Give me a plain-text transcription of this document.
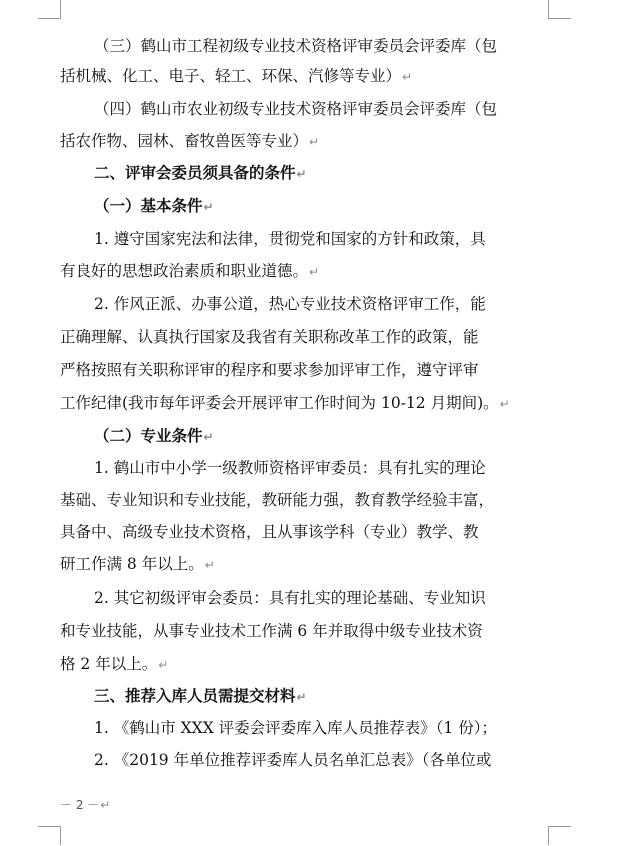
（三）鹤山市工程初级专业技术资格评审委员会评委库（包
括机械、化工、电子、轻工、环保、汽修等专业）↵
（四）鹤山市农业初级专业技术资格评审委员会评委库（包
括农作物、园林、畜牧兽医等专业）↵
二、评审会委员须具备的条件↵
（一）基本条件↵
1. 遵守国家宪法和法律，贯彻党和国家的方针和政策，具
有良好的思想政治素质和职业道德。↵
2. 作风正派、办事公道，热心专业技术资格评审工作，能
正确理解、认真执行国家及我省有关职称改革工作的政策，能
严格按照有关职称评审的程序和要求参加评审工作，遵守评审
工作纪律(我市每年评委会开展评审工作时间为 10-12 月期间)。↵
（二）专业条件↵
1. 鹤山市中小学一级教师资格评审委员：具有扎实的理论
基础、专业知识和专业技能，教研能力强，教育教学经验丰富，
具备中、高级专业技术资格，且从事该学科（专业）教学、教
研工作满 8 年以上。↵
2. 其它初级评审会委员：具有扎实的理论基础、专业知识
和专业技能，从事专业技术工作满 6 年并取得中级专业技术资
格 2 年以上。↵
三、推荐入库人员需提交材料↵
1. 《鹤山市 XXX 评委会评委库入库人员推荐表》（1 份）；
2. 《2019 年单位推荐评委库人员名单汇总表》（各单位或
－ 2 －↵
